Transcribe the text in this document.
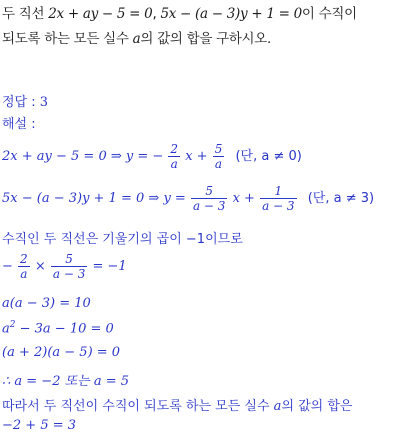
두 직선 2x + ay − 5 = 0, 5x − (a − 3)y + 1 = 0이 수직이
되도록 하는 모든 실수 a의 값의 합을 구하시오.
정답 : 3
해설 :
2x + ay − 5 = 0 ⇒ y = − $\frac{2}{a}$ $x + \frac{5}{a}$ (단, a ≠ 0)
5x − (a − 3)y + 1 = 0 ⇒ $y = \frac{5}{a - 3}$ $x + \frac{1}{a - 3}$ (단, a ≠ 3)
수직인 두 직선은 기울기의 곱이 −1이므로
− $\frac{2}{a} \times \frac{5}{a - 3} = -1$
a(a − 3) = 10
$a^2 - 3a - 10 = 0$
(a + 2)(a − 5) = 0
∴ a = −2 또는 a = 5
따라서 두 직선이 수직이 되도록 하는 모든 실수 a의 값의 합은
−2 + 5 = 3
